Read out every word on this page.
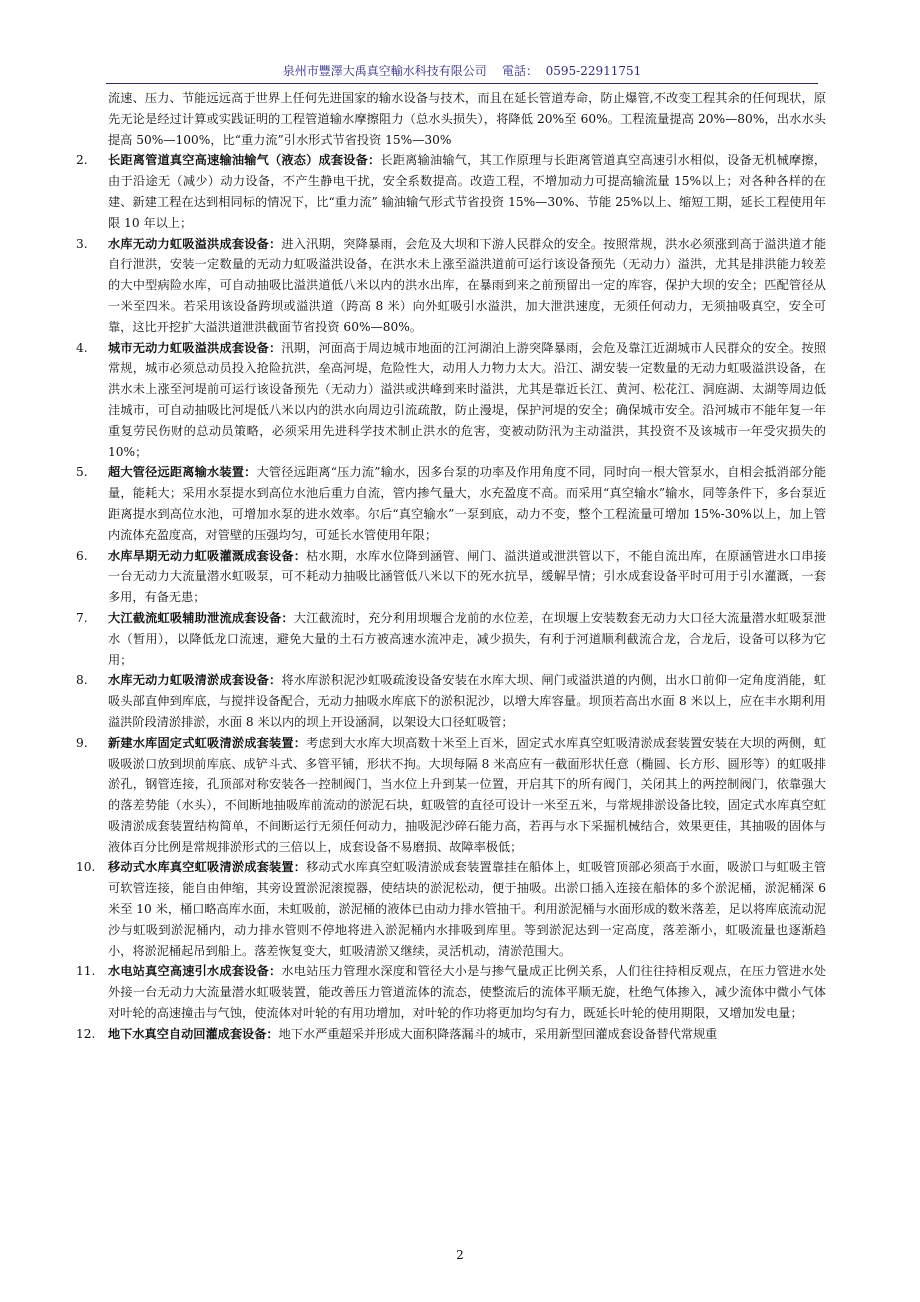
泉州市豐澤大禹真空輸水科技有限公司 電話： 0595-22911751

流速、压力、节能远远高于世界上任何先进国家的输水设备与技术，而且在延长管道寿命，防止爆管,不改变工程其余的任何现状，原先无论是经过计算或实践证明的工程管道输水摩擦阻力（总水头损失），将降低 20%至 60%。工程流量提高 20%—80%，出水水头提高 50%—100%，比“重力流”引水形式节省投资 15%—30%

2.	长距离管道真空高速输油输气（液态）成套设备：长距离输油输气，其工作原理与长距离管道真空高速引水相似，设备无机械摩擦，由于沿途无（减少）动力设备，不产生静电干扰，安全系数提高。改造工程，不增加动力可提高输流量 15%以上；对各种各样的在建、新建工程在达到相同标的情况下，比“重力流” 输油输气形式节省投资 15%—30%、节能 25%以上、缩短工期，延长工程使用年限 10 年以上；
3.	水库无动力虹吸溢洪成套设备：进入汛期，突降暴雨，会危及大坝和下游人民群众的安全。按照常规，洪水必须涨到高于溢洪道才能自行泄洪，安装一定数量的无动力虹吸溢洪设备，在洪水未上涨至溢洪道前可运行该设备预先（无动力）溢洪，尤其是排洪能力较差的大中型病险水库，可自动抽吸比溢洪道低八米以内的洪水出库，在暴雨到来之前预留出一定的库容，保护大坝的安全；匹配管径从一米至四米。若采用该设备跨坝或溢洪道（跨高 8 米）向外虹吸引水溢洪，加大泄洪速度，无须任何动力，无须抽吸真空，安全可靠，这比开挖扩大溢洪道泄洪截面节省投资 60%—80%。
4.	城市无动力虹吸溢洪成套设备：汛期，河面高于周边城市地面的江河湖泊上游突降暴雨，会危及靠江近湖城市人民群众的安全。按照常规，城市必须总动员投入抢险抗洪，垒高河堤，危险性大，动用人力物力太大。沿江、湖安装一定数量的无动力虹吸溢洪设备，在洪水未上涨至河堤前可运行该设备预先（无动力）溢洪或洪峰到来时溢洪，尤其是靠近长江、黄河、松花江、洞庭湖、太湖等周边低洼城市，可自动抽吸比河堤低八米以内的洪水向周边引流疏散，防止漫堤，保护河堤的安全；确保城市安全。沿河城市不能年复一年重复劳民伤财的总动员策略，必须采用先进科学技术制止洪水的危害，变被动防汛为主动溢洪，其投资不及该城市一年受灾损失的 10%；
5.	超大管径远距离输水装置：大管径远距离“压力流”输水，因多台泵的功率及作用角度不同，同时向一根大管泵水，自相会抵消部分能量，能耗大；采用水泵提水到高位水池后重力自流，管内掺气量大，水充盈度不高。而采用“真空输水”输水，同等条件下，多台泵近距离提水到高位水池，可增加水泵的进水效率。尔后“真空输水”一泵到底，动力不变，整个工程流量可增加 15%-30%以上，加上管内流体充盈度高，对管壁的压强均匀，可延长水管使用年限；
6.	水库旱期无动力虹吸灌溉成套设备：枯水期，水库水位降到涵管、闸门、溢洪道或泄洪管以下，不能自流出库，在原涵管进水口串接一台无动力大流量潜水虹吸泵，可不耗动力抽吸比涵管低八米以下的死水抗旱，缓解旱情；引水成套设备平时可用于引水灌溉，一套多用，有备无患；
7.	大江截流虹吸辅助泄流成套设备：大江截流时，充分利用坝堰合龙前的水位差，在坝堰上安装数套无动力大口径大流量潜水虹吸泵泄水（暂用），以降低龙口流速，避免大量的土石方被高速水流冲走，减少损失，有利于河道顺利截流合龙，合龙后，设备可以移为它用；
8.	水库无动力虹吸清淤成套设备：将水库淤积泥沙虹吸疏浚设备安装在水库大坝、闸门或溢洪道的内侧，出水口前仰一定角度消能，虹吸头部直伸到库底，与搅拌设备配合，无动力抽吸水库底下的淤积泥沙，以增大库容量。坝顶若高出水面 8 米以上，应在丰水期利用溢洪阶段清淤排淤，水面 8 米以内的坝上开设涵洞，以架设大口径虹吸管；
9.	新建水库固定式虹吸清淤成套装置：考虑到大水库大坝高数十米至上百米，固定式水库真空虹吸清淤成套装置安装在大坝的两侧，虹吸吸淤口放到坝前库底、成铲斗式、多管平铺，形状不拘。大坝每隔 8 米高应有一截面形状任意（椭圆、长方形、圆形等）的虹吸排淤孔，钢管连接，孔顶部对称安装各一控制阀门，当水位上升到某一位置，开启其下的所有阀门，关闭其上的两控制阀门，依靠强大的落差势能（水头），不间断地抽吸库前流动的淤泥石块，虹吸管的直径可设计一米至五米，与常规排淤设备比较，固定式水库真空虹吸清淤成套装置结构简单，不间断运行无须任何动力，抽吸泥沙碎石能力高，若再与水下采掘机械结合，效果更佳，其抽吸的固体与液体百分比例是常规排淤形式的三倍以上，成套设备不易磨损、故障率极低；
10.	移动式水库真空虹吸清淤成套装置：移动式水库真空虹吸清淤成套装置靠挂在船体上，虹吸管顶部必须高于水面，吸淤口与虹吸主管可软管连接，能自由伸缩，其旁设置淤泥滚搅器，使结块的淤泥松动，便于抽吸。出淤口插入连接在船体的多个淤泥桶，淤泥桶深 6 米至 10 米，桶口略高库水面，未虹吸前，淤泥桶的液体已由动力排水管抽干。利用淤泥桶与水面形成的数米落差，足以将库底流动泥沙与虹吸到淤泥桶内，动力排水管则不停地将进入淤泥桶内水排吸到库里。等到淤泥达到一定高度，落差渐小，虹吸流量也逐渐趋小，将淤泥桶起吊到船上。落差恢复变大，虹吸清淤又继续，灵活机动，清淤范围大。
11.	水电站真空高速引水成套设备：水电站压力管理水深度和管径大小是与掺气量成正比例关系，人们往往持相反观点，在压力管进水处外接一台无动力大流量潜水虹吸装置，能改善压力管道流体的流态，使整流后的流体平顺无旋，杜绝气体掺入，减少流体中微小气体对叶轮的高速撞击与气蚀，使流体对叶轮的有用功增加，对叶轮的作功将更加均匀有力，既延长叶轮的使用期限，又增加发电量；
12.	地下水真空自动回灌成套设备：地下水严重超采并形成大面积降落漏斗的城市，采用新型回灌成套设备替代常规重
2
